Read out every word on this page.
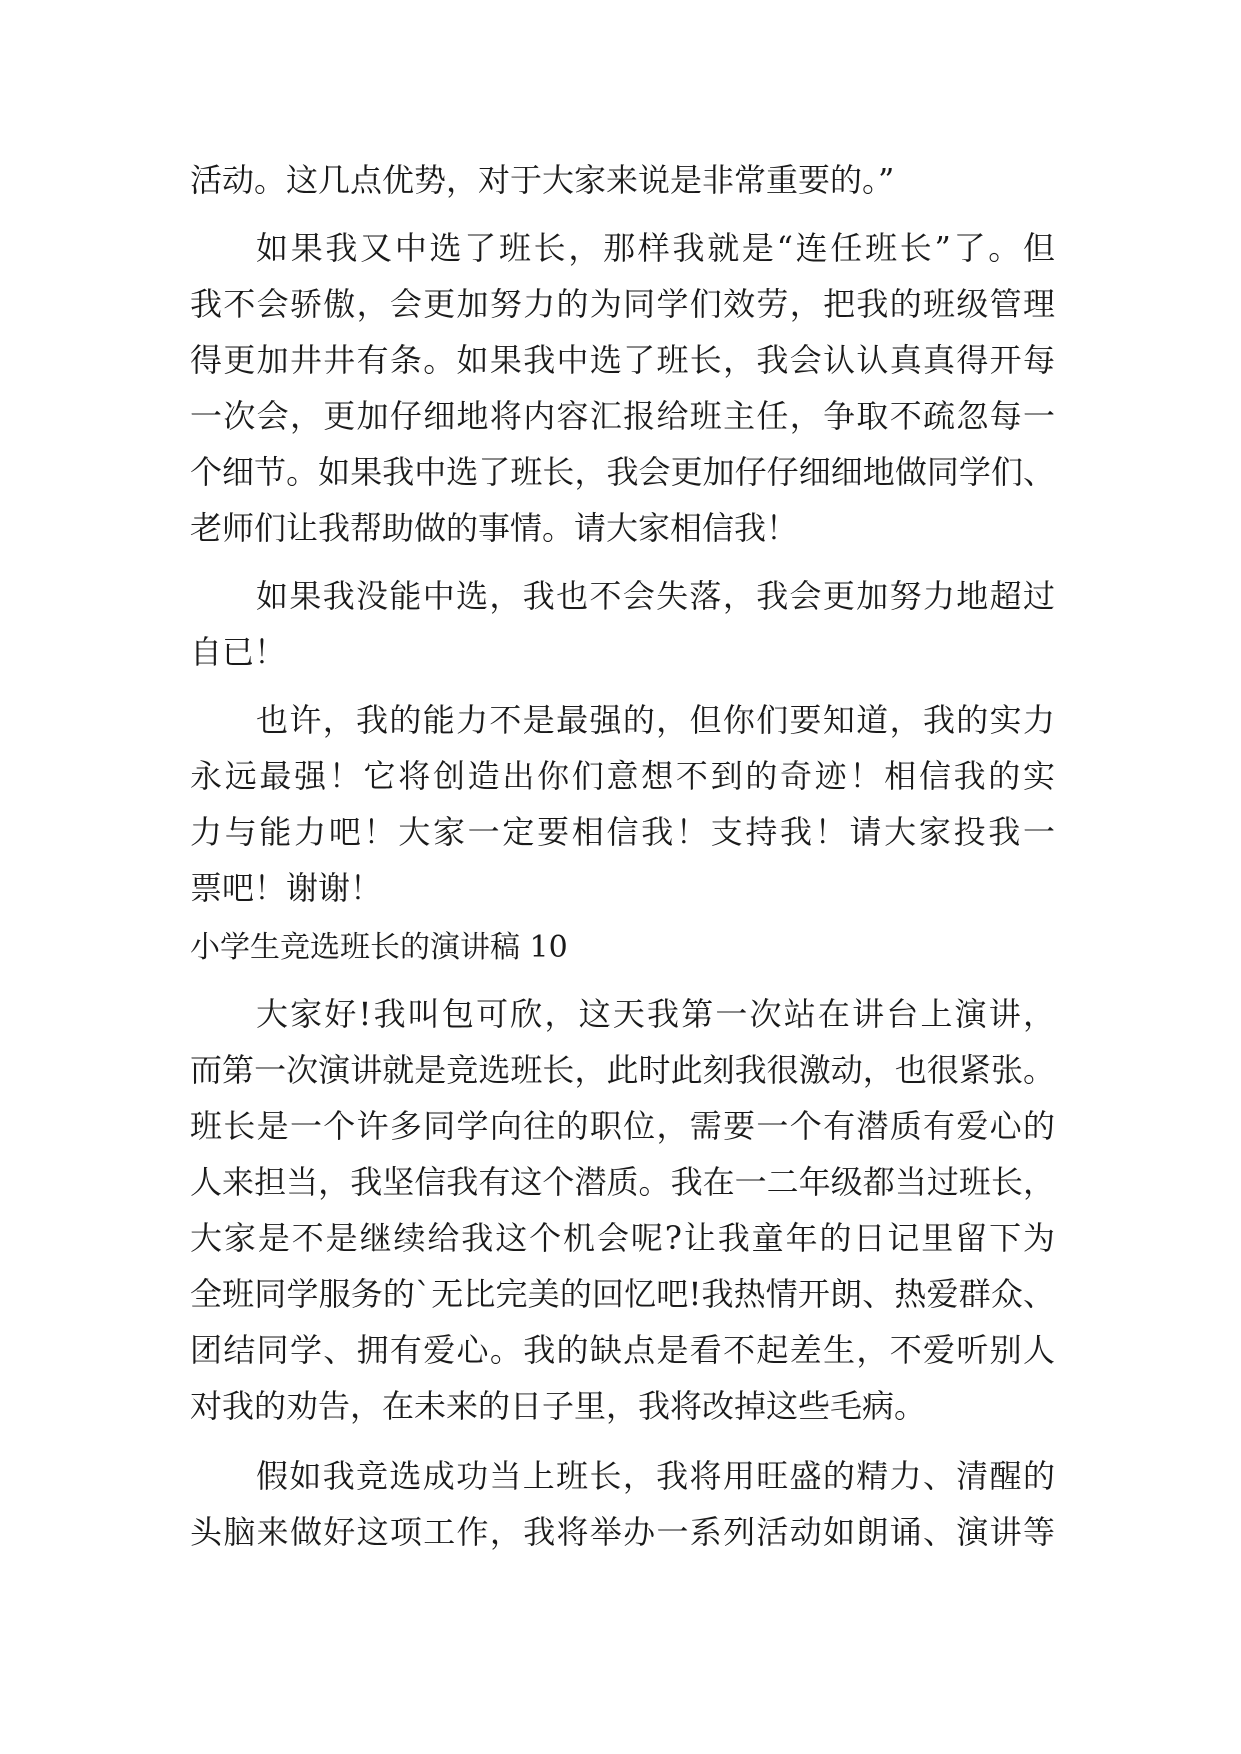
活动。这几点优势，对于大家来说是非常重要的。”
如果我又中选了班长，那样我就是“连任班长”了。但
我不会骄傲，会更加努力的为同学们效劳，把我的班级管理
得更加井井有条。如果我中选了班长，我会认认真真得开每
一次会，更加仔细地将内容汇报给班主任，争取不疏忽每一
个细节。如果我中选了班长，我会更加仔仔细细地做同学们、
老师们让我帮助做的事情。请大家相信我！
如果我没能中选，我也不会失落，我会更加努力地超过
自已！
也许，我的能力不是最强的，但你们要知道，我的实力
永远最强！它将创造出你们意想不到的奇迹！相信我的实
力与能力吧！大家一定要相信我！支持我！请大家投我一
票吧！谢谢！
小学生竞选班长的演讲稿 10
大家好!我叫包可欣，这天我第一次站在讲台上演讲，
而第一次演讲就是竞选班长，此时此刻我很激动，也很紧张。
班长是一个许多同学向往的职位，需要一个有潜质有爱心的
人来担当，我坚信我有这个潜质。我在一二年级都当过班长，
大家是不是继续给我这个机会呢?让我童年的日记里留下为
全班同学服务的`无比完美的回忆吧!我热情开朗、热爱群众、
团结同学、拥有爱心。我的缺点是看不起差生，不爱听别人
对我的劝告，在未来的日子里，我将改掉这些毛病。
假如我竞选成功当上班长，我将用旺盛的精力、清醒的
头脑来做好这项工作，我将举办一系列活动如朗诵、演讲等
